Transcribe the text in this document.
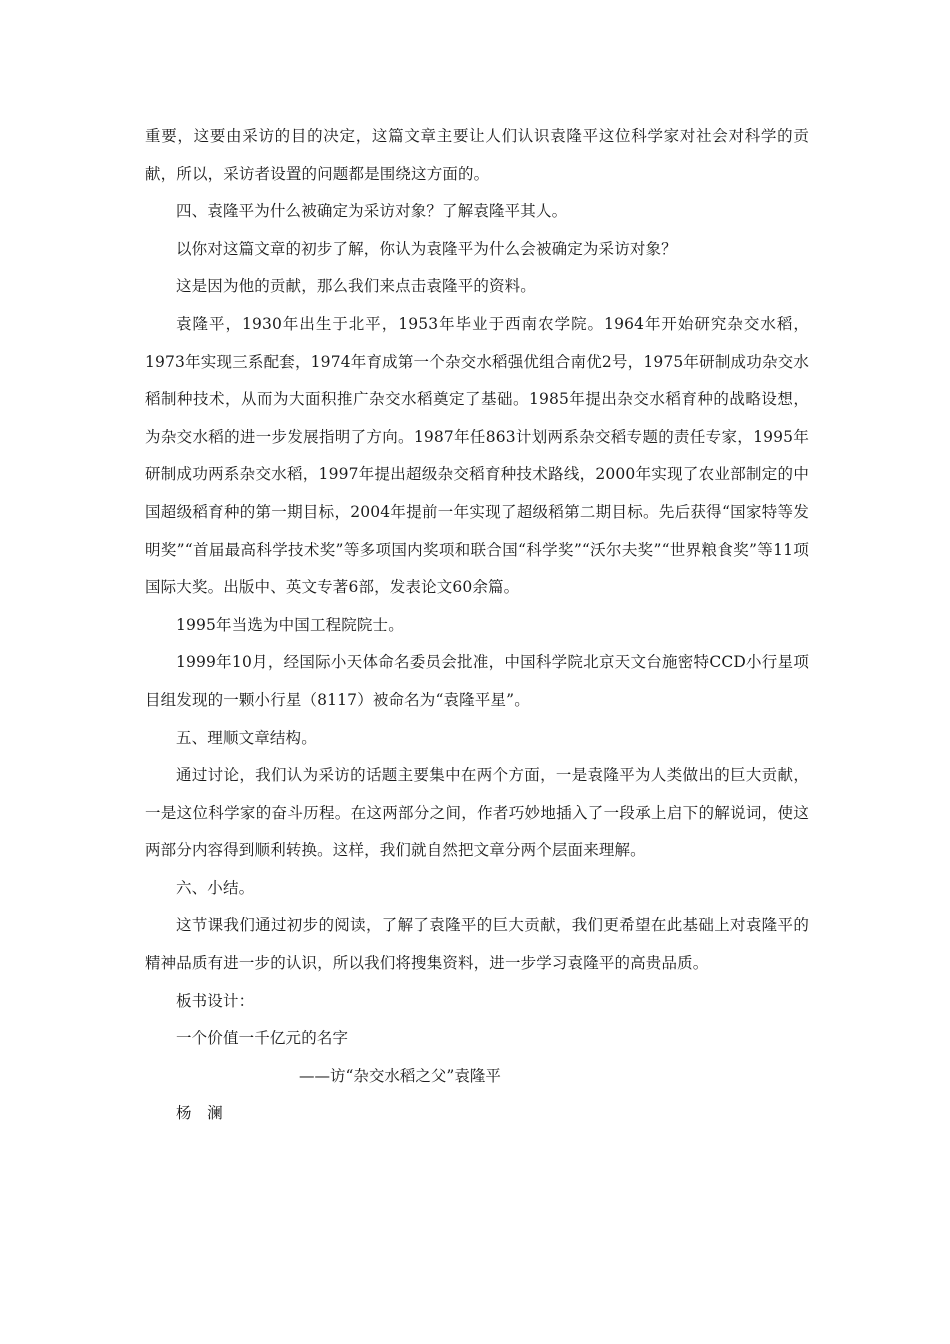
重要，这要由采访的目的决定，这篇文章主要让人们认识袁隆平这位科学家对社会对科学的贡献，所以，采访者设置的问题都是围绕这方面的。

四、袁隆平为什么被确定为采访对象？了解袁隆平其人。

以你对这篇文章的初步了解，你认为袁隆平为什么会被确定为采访对象？

这是因为他的贡献，那么我们来点击袁隆平的资料。

袁隆平，1930年出生于北平，1953年毕业于西南农学院。1964年开始研究杂交水稻，1973年实现三系配套，1974年育成第一个杂交水稻强优组合南优2号，1975年研制成功杂交水稻制种技术，从而为大面积推广杂交水稻奠定了基础。1985年提出杂交水稻育种的战略设想，为杂交水稻的进一步发展指明了方向。1987年任863计划两系杂交稻专题的责任专家，1995年研制成功两系杂交水稻，1997年提出超级杂交稻育种技术路线，2000年实现了农业部制定的中国超级稻育种的第一期目标，2004年提前一年实现了超级稻第二期目标。先后获得“国家特等发明奖”“首届最高科学技术奖”等多项国内奖项和联合国“科学奖”“沃尔夫奖”“世界粮食奖”等11项国际大奖。出版中、英文专著6部，发表论文60余篇。

1995年当选为中国工程院院士。

1999年10月，经国际小天体命名委员会批准，中国科学院北京天文台施密特CCD小行星项目组发现的一颗小行星（8117）被命名为“袁隆平星”。

五、理顺文章结构。

通过讨论，我们认为采访的话题主要集中在两个方面，一是袁隆平为人类做出的巨大贡献，一是这位科学家的奋斗历程。在这两部分之间，作者巧妙地插入了一段承上启下的解说词，使这两部分内容得到顺利转换。这样，我们就自然把文章分两个层面来理解。

六、小结。

这节课我们通过初步的阅读，了解了袁隆平的巨大贡献，我们更希望在此基础上对袁隆平的精神品质有进一步的认识，所以我们将搜集资料，进一步学习袁隆平的高贵品质。

板书设计：

一个价值一千亿元的名字

——访“杂交水稻之父”袁隆平

杨　澜
